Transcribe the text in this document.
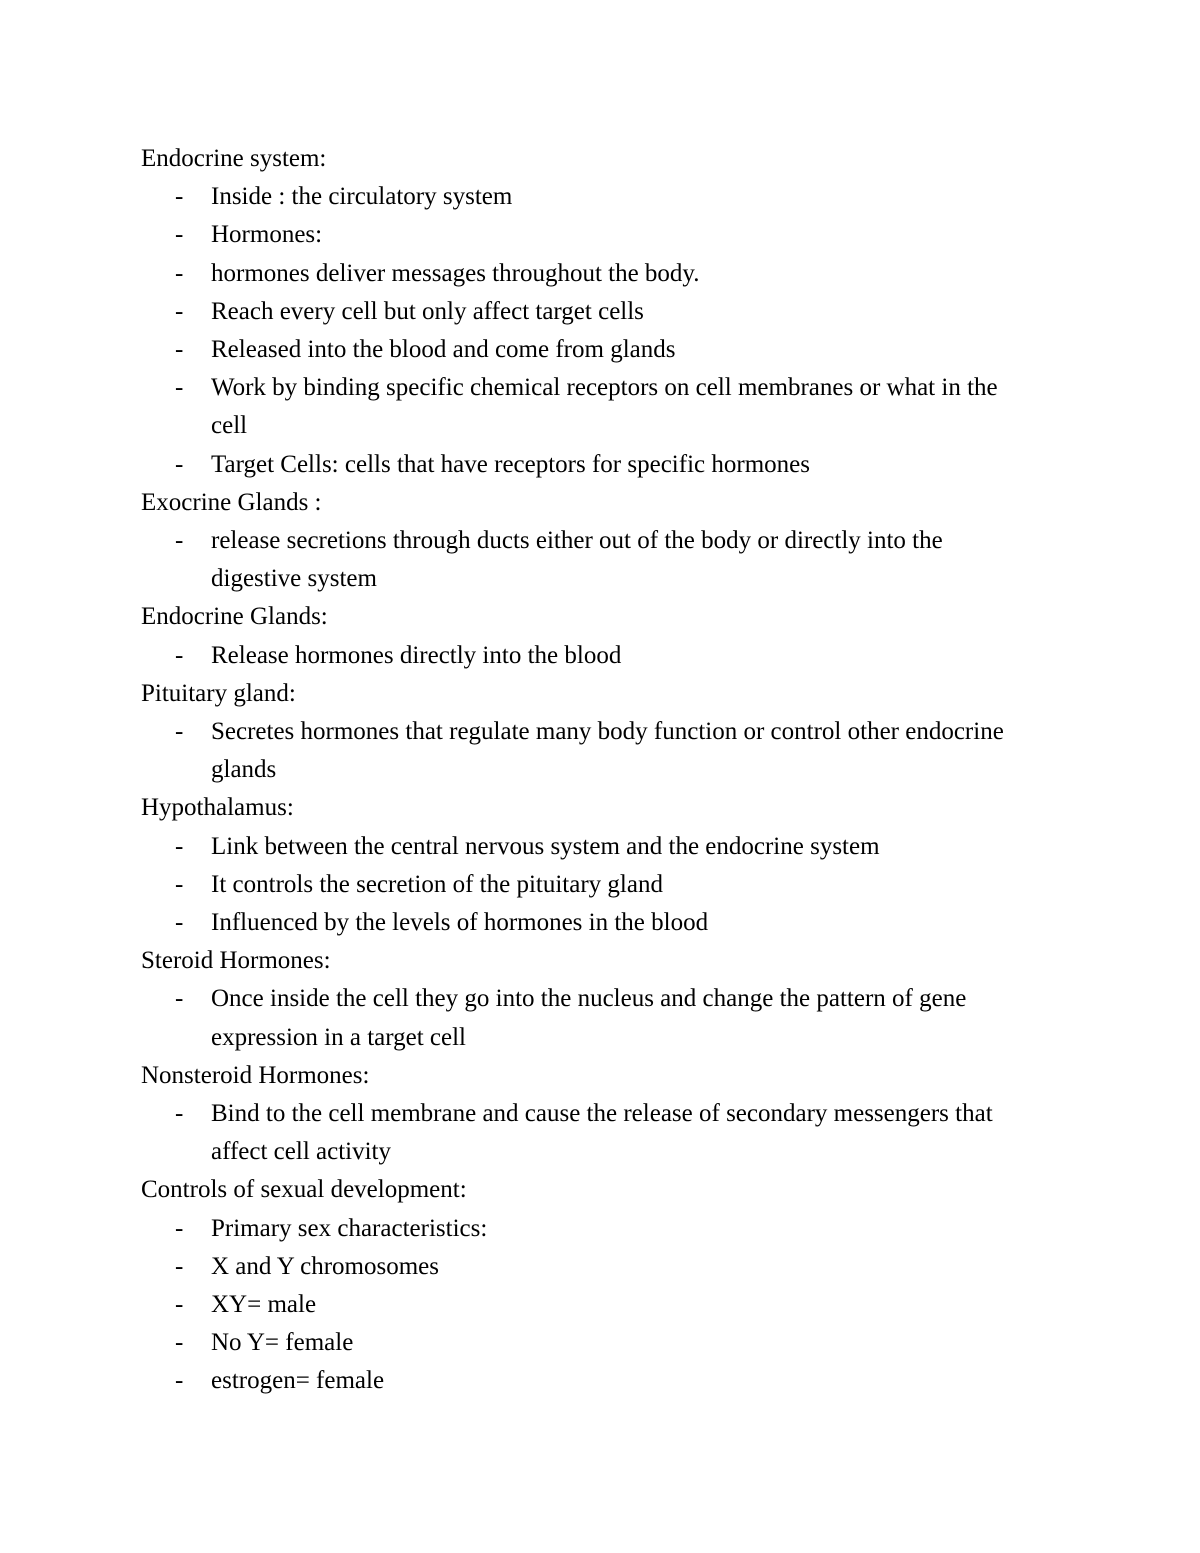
Endocrine system:
-	Inside : the circulatory system
-	Hormones:
-	hormones deliver messages throughout the body.
-	Reach every cell but only affect target cells
-	Released into the blood and come from glands
-	Work by binding specific chemical receptors on cell membranes or what in the cell
-	Target Cells: cells that have receptors for specific hormones
Exocrine Glands :
-	release secretions through ducts either out of the body or directly into the digestive system
Endocrine Glands:
-	Release hormones directly into the blood
Pituitary gland:
-	Secretes hormones that regulate many body function or control other endocrine glands
Hypothalamus:
-	Link between the central nervous system and the endocrine system
-	It controls the secretion of the pituitary gland
-	Influenced by the levels of hormones in the blood
Steroid Hormones:
-	Once inside the cell they go into the nucleus and change the pattern of gene expression in a target cell
Nonsteroid Hormones:
-	Bind to the cell membrane and cause the release of secondary messengers that affect cell activity
Controls of sexual development:
-	Primary sex characteristics:
-	X and Y chromosomes
-	XY= male
-	No Y= female
-	estrogen= female
